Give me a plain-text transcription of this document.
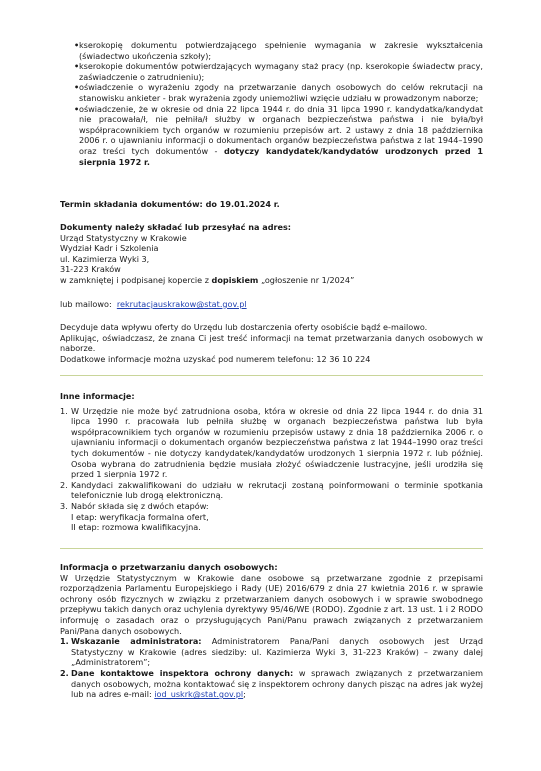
• kserokopię dokumentu potwierdzającego spełnienie wymagania w zakresie wykształcenia (świadectwo ukończenia szkoły);
• kserokopie dokumentów potwierdzających wymagany staż pracy (np. kserokopie świadectw pracy, zaświadczenie o zatrudnieniu);
• oświadczenie o wyrażeniu zgody na przetwarzanie danych osobowych do celów rekrutacji na stanowisku ankieter - brak wyrażenia zgody uniemożliwi wzięcie udziału w prowadzonym naborze;
• oświadczenie, że w okresie od dnia 22 lipca 1944 r. do dnia 31 lipca 1990 r. kandydatka/kandydat nie pracowała/ł, nie pełniła/ł służby w organach bezpieczeństwa państwa i nie była/był współpracownikiem tych organów w rozumieniu przepisów art. 2 ustawy z dnia 18 października 2006 r. o ujawnianiu informacji o dokumentach organów bezpieczeństwa państwa z lat 1944–1990 oraz treści tych dokumentów - dotyczy kandydatek/kandydatów urodzonych przed 1 sierpnia 1972 r.
Termin składania dokumentów: do 19.01.2024 r.
Dokumenty należy składać lub przesyłać na adres:
Urząd Statystyczny w Krakowie
Wydział Kadr i Szkolenia
ul. Kazimierza Wyki 3,
31-223 Kraków
w zamkniętej i podpisanej kopercie z dopiskiem „ogłoszenie nr 1/2024”
lub mailowo: rekrutacjauskrakow@stat.gov.pl
Decyduje data wpływu oferty do Urzędu lub dostarczenia oferty osobiście bądź e-mailowo.
Aplikując, oświadczasz, że znana Ci jest treść informacji na temat przetwarzania danych osobowych w naborze.
Dodatkowe informacje można uzyskać pod numerem telefonu: 12 36 10 224
Inne informacje:
1. W Urzędzie nie może być zatrudniona osoba, która w okresie od dnia 22 lipca 1944 r. do dnia 31 lipca 1990 r. pracowała lub pełniła służbę w organach bezpieczeństwa państwa lub była współpracownikiem tych organów w rozumieniu przepisów ustawy z dnia 18 października 2006 r. o ujawnianiu informacji o dokumentach organów bezpieczeństwa państwa z lat 1944–1990 oraz treści tych dokumentów - nie dotyczy kandydatek/kandydatów urodzonych 1 sierpnia 1972 r. lub później. Osoba wybrana do zatrudnienia będzie musiała złożyć oświadczenie lustracyjne, jeśli urodziła się przed 1 sierpnia 1972 r.
2. Kandydaci zakwalifikowani do udziału w rekrutacji zostaną poinformowani o terminie spotkania telefonicznie lub drogą elektroniczną.
3. Nabór składa się z dwóch etapów:
I etap: weryfikacja formalna ofert,
II etap: rozmowa kwalifikacyjna.
Informacja o przetwarzaniu danych osobowych:
W Urzędzie Statystycznym w Krakowie dane osobowe są przetwarzane zgodnie z przepisami rozporządzenia Parlamentu Europejskiego i Rady (UE) 2016/679 z dnia 27 kwietnia 2016 r. w sprawie ochrony osób fizycznych w związku z przetwarzaniem danych osobowych i w sprawie swobodnego przepływu takich danych oraz uchylenia dyrektywy 95/46/WE (RODO). Zgodnie z art. 13 ust. 1 i 2 RODO informuję o zasadach oraz o przysługujących Pani/Panu prawach związanych z przetwarzaniem Pani/Pana danych osobowych.
1. Wskazanie administratora: Administratorem Pana/Pani danych osobowych jest Urząd Statystyczny w Krakowie (adres siedziby: ul. Kazimierza Wyki 3, 31-223 Kraków) – zwany dalej „Administratorem”;
2. Dane kontaktowe inspektora ochrony danych: w sprawach związanych z przetwarzaniem danych osobowych, można kontaktować się z inspektorem ochrony danych pisząc na adres jak wyżej lub na adres e-mail: iod_uskrk@stat.gov.pl;
